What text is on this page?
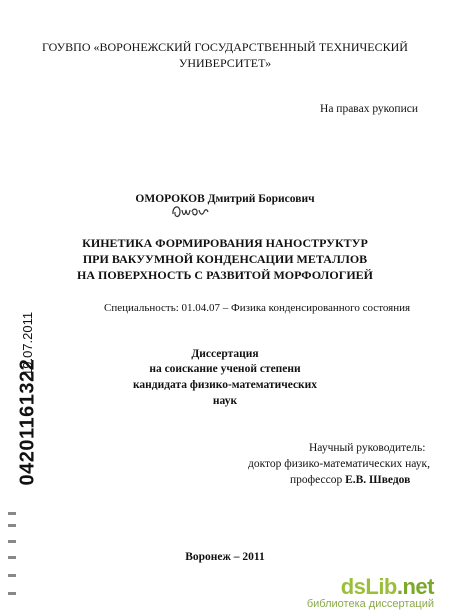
ГОУВПО «ВОРОНЕЖСКИЙ ГОСУДАРСТВЕННЫЙ ТЕХНИЧЕСКИЙ
УНИВЕРСИТЕТ»
На правах рукописи
ОМОРОКОВ Дмитрий Борисович
КИНЕТИКА ФОРМИРОВАНИЯ НАНОСТРУКТУР
ПРИ ВАКУУМНОЙ КОНДЕНСАЦИИ МЕТАЛЛОВ
НА ПОВЕРХНОСТЬ С РАЗВИТОЙ МОРФОЛОГИЕЙ
Специальность: 01.04.07 – Физика конденсированного состояния
Диссертация
на соискание ученой степени
кандидата физико-математических
наук
Научный руководитель:
доктор физико-математических наук,
профессор Е.В. Шведов
Воронеж – 2011
04201161322
19.07.2011
dsLib.net
библиотека диссертаций
